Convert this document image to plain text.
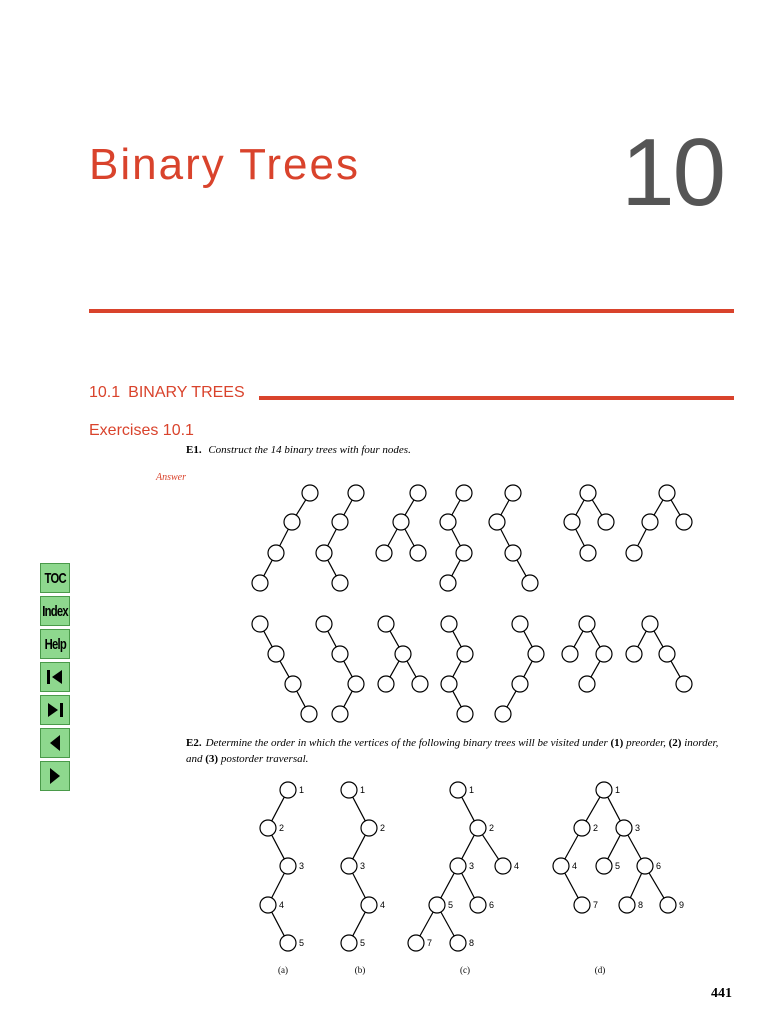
Binary Trees	10
10.1 BINARY TREES
Exercises 10.1
E1. Construct the 14 binary trees with four nodes.
Answer
E2. Determine the order in which the vertices of the following binary trees will be visited under (1) preorder, (2) inorder, and (3) postorder traversal.
TOC
Index
Help
1
2
3
4
5
1
2
3
4
5
1
2
3	4
5	6
7	8
1
2	3
4	5	6
7	8	9
(a)	(b)	(c)	(d)
441
